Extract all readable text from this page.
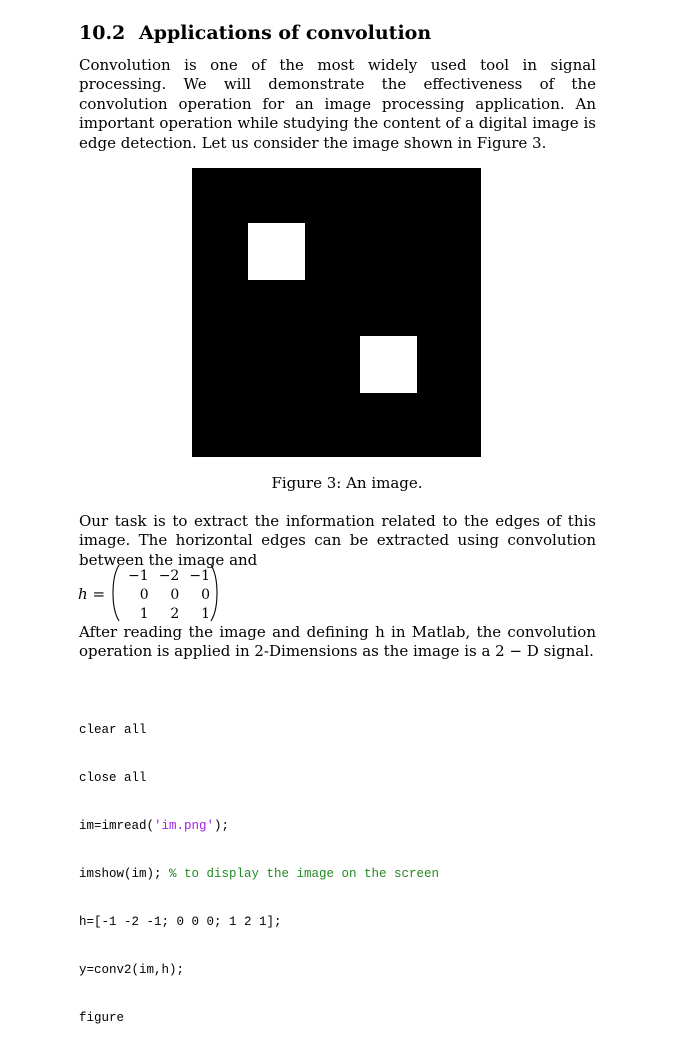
10.2 Applications of convolution
Convolution is one of the most widely used tool in signal processing. We will demonstrate the effectiveness of the convolution operation for an image processing application. An important operation while studying the content of a digital image is edge detection. Let us consider the image shown in Figure 3.
Figure 3: An image.
Our task is to extract the information related to the edges of this image. The horizontal edges can be extracted using convolution between the image and
h =
−1 −2 −1
0	0	0
1	2	1
After reading the image and defining h in Matlab, the convolution operation is applied in 2-Dimensions as the image is a 2 − D signal.

clear all

close all

im=imread('im.png');

imshow(im); % to display the image on the screen

h=[-1 -2 -1; 0 0 0; 1 2 1];

y=conv2(im,h);

figure
